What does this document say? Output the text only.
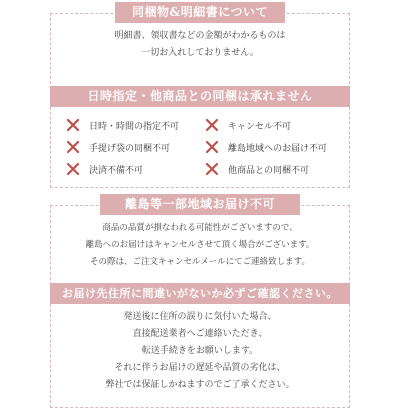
同梱物&明細書について
明細書、領収書などの金額がわかるものは
一切お入れしておりません。
日時指定・他商品との同梱は承れません
日時・時間の指定不可	キャンセル不可
手提げ袋の同梱不可	離島地域へのお届け不可
決済不備不可	他商品との同梱不可
離島等一部地域お届け不可
商品の品質が損なわれる可能性がございますので、
離島へのお届けはキャンセルさせて頂く場合がございます。
その際は、ご注文キャンセルメールにてご連絡致します。
お届け先住所に間違いがないか必ずご確認ください。
発送後に住所の誤りに気付いた場合、
直接配送業者へご連絡いただき、
転送手続きをお願いします。
それに伴うお届けの遅延や品質の劣化は、
弊社では保証しかねますのでご了承ください。
